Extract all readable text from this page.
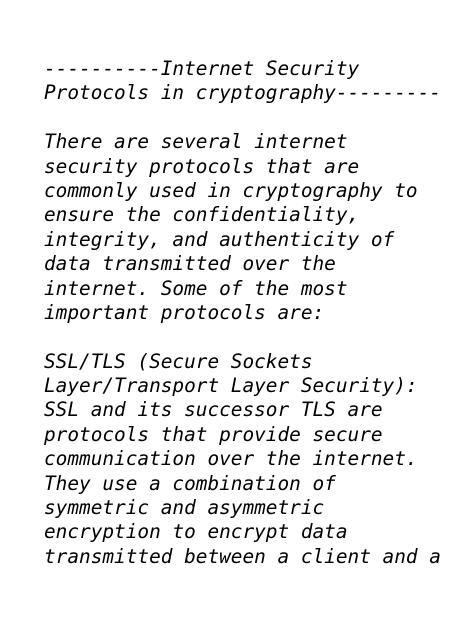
----------Internet Security
Protocols in cryptography---------
There are several internet
security protocols that are
commonly used in cryptography to
ensure the confidentiality,
integrity, and authenticity of
data transmitted over the
internet. Some of the most
important protocols are:
SSL/TLS (Secure Sockets
Layer/Transport Layer Security):
SSL and its successor TLS are
protocols that provide secure
communication over the internet.
They use a combination of
symmetric and asymmetric
encryption to encrypt data
transmitted between a client and a
